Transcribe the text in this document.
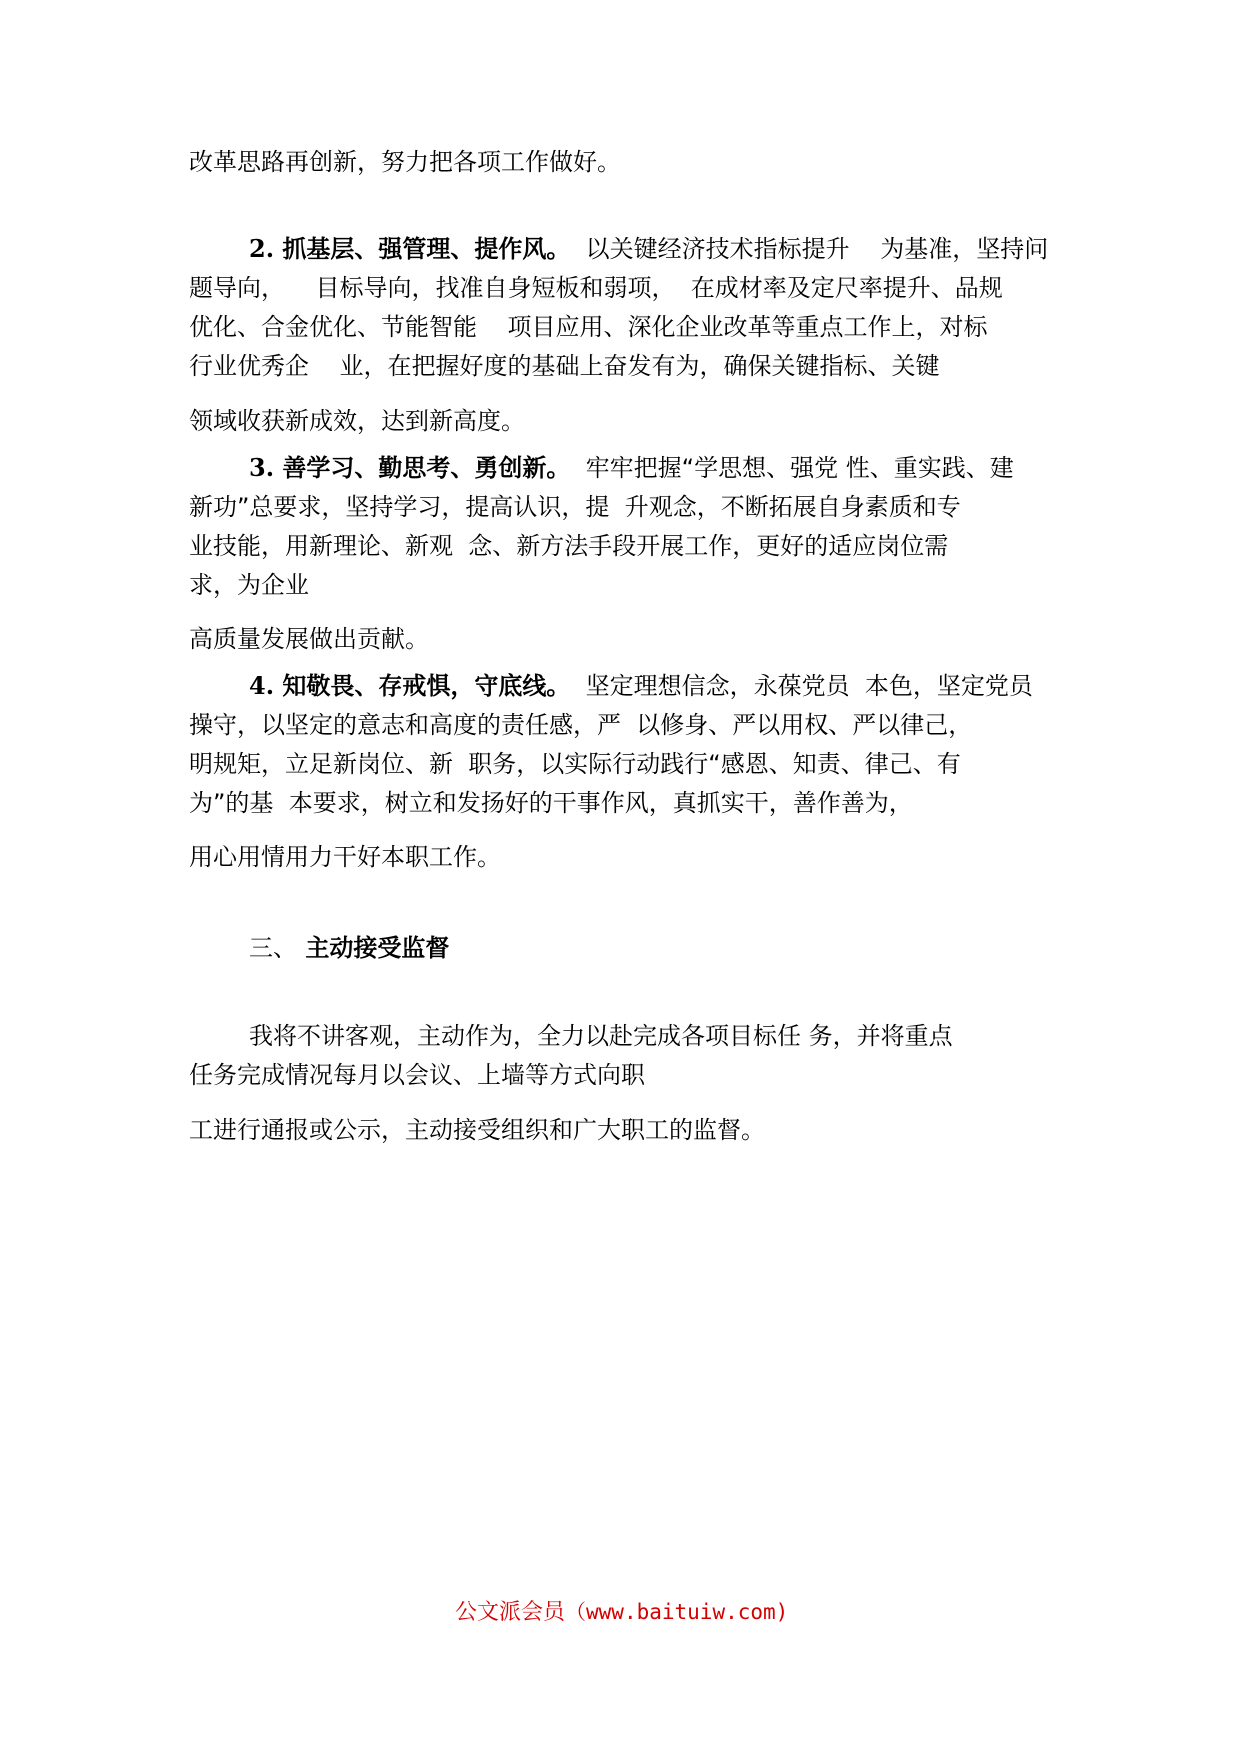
改革思路再创新，努力把各项工作做好。
2. 抓基层、强管理、提作风。  以关键经济技术指标提升    为基准，坚持问
题导向，    目标导向，找准自身短板和弱项，  在成材率及定尺率提升、品规
优化、合金优化、节能智能    项目应用、深化企业改革等重点工作上，对标
行业优秀企    业，在把握好度的基础上奋发有为，确保关键指标、关键
领域收获新成效，达到新高度。
3. 善学习、勤思考、勇创新。  牢牢把握“学思想、强党 性、重实践、建
新功”总要求，坚持学习，提高认识，提  升观念，不断拓展自身素质和专
业技能，用新理论、新观  念、新方法手段开展工作，更好的适应岗位需
求，为企业
高质量发展做出贡献。
4. 知敬畏、存戒惧，守底线。  坚定理想信念，永葆党员  本色，坚定党员
操守，以坚定的意志和高度的责任感，严  以修身、严以用权、严以律己，
明规矩，立足新岗位、新  职务，以实际行动践行“感恩、知责、律己、有
为”的基  本要求，树立和发扬好的干事作风，真抓实干，善作善为，
用心用情用力干好本职工作。
三、 主动接受监督
我将不讲客观，主动作为，全力以赴完成各项目标任 务，并将重点
任务完成情况每月以会议、上墙等方式向职
工进行通报或公示，主动接受组织和广大职工的监督。
公文派会员（www.baituiw.com)
